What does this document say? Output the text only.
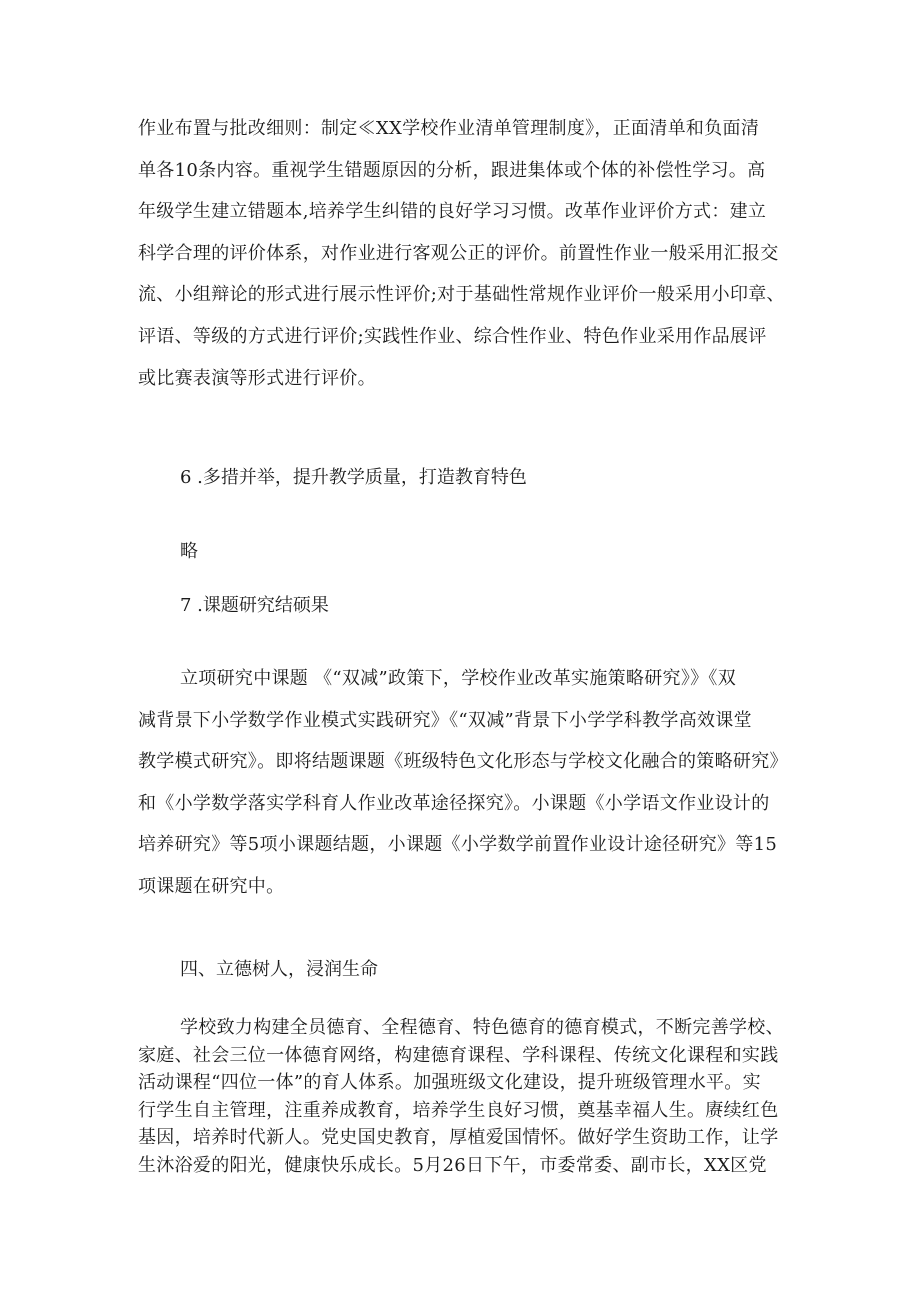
作业布置与批改细则：制定≪XX学校作业清单管理制度》，正面清单和负面清
单各10条内容。重视学生错题原因的分析，跟进集体或个体的补偿性学习。高
年级学生建立错题本,培养学生纠错的良好学习习惯。改革作业评价方式：建立
科学合理的评价体系，对作业进行客观公正的评价。前置性作业一般采用汇报交
流、小组辩论的形式进行展示性评价;对于基础性常规作业评价一般采用小印章、
评语、等级的方式进行评价;实践性作业、综合性作业、特色作业采用作品展评
或比赛表演等形式进行评价。
6 .多措并举，提升教学质量，打造教育特色
略
7 .课题研究结硕果
立项研究中课题 《“双减”政策下，学校作业改革实施策略研究》》《双
减背景下小学数学作业模式实践研究》《“双减”背景下小学学科教学高效课堂
教学模式研究》。即将结题课题《班级特色文化形态与学校文化融合的策略研究》
和《小学数学落实学科育人作业改革途径探究》。小课题《小学语文作业设计的
培养研究》等5项小课题结题，小课题《小学数学前置作业设计途径研究》等15
项课题在研究中。
四、立德树人，浸润生命
学校致力构建全员德育、全程德育、特色德育的德育模式，不断完善学校、
家庭、社会三位一体德育网络，构建德育课程、学科课程、传统文化课程和实践
活动课程“四位一体”的育人体系。加强班级文化建设，提升班级管理水平。实
行学生自主管理，注重养成教育，培养学生良好习惯，奠基幸福人生。赓续红色
基因，培养时代新人。党史国史教育，厚植爱国情怀。做好学生资助工作，让学
生沐浴爱的阳光，健康快乐成长。5月26日下午，市委常委、副市长，XX区党
